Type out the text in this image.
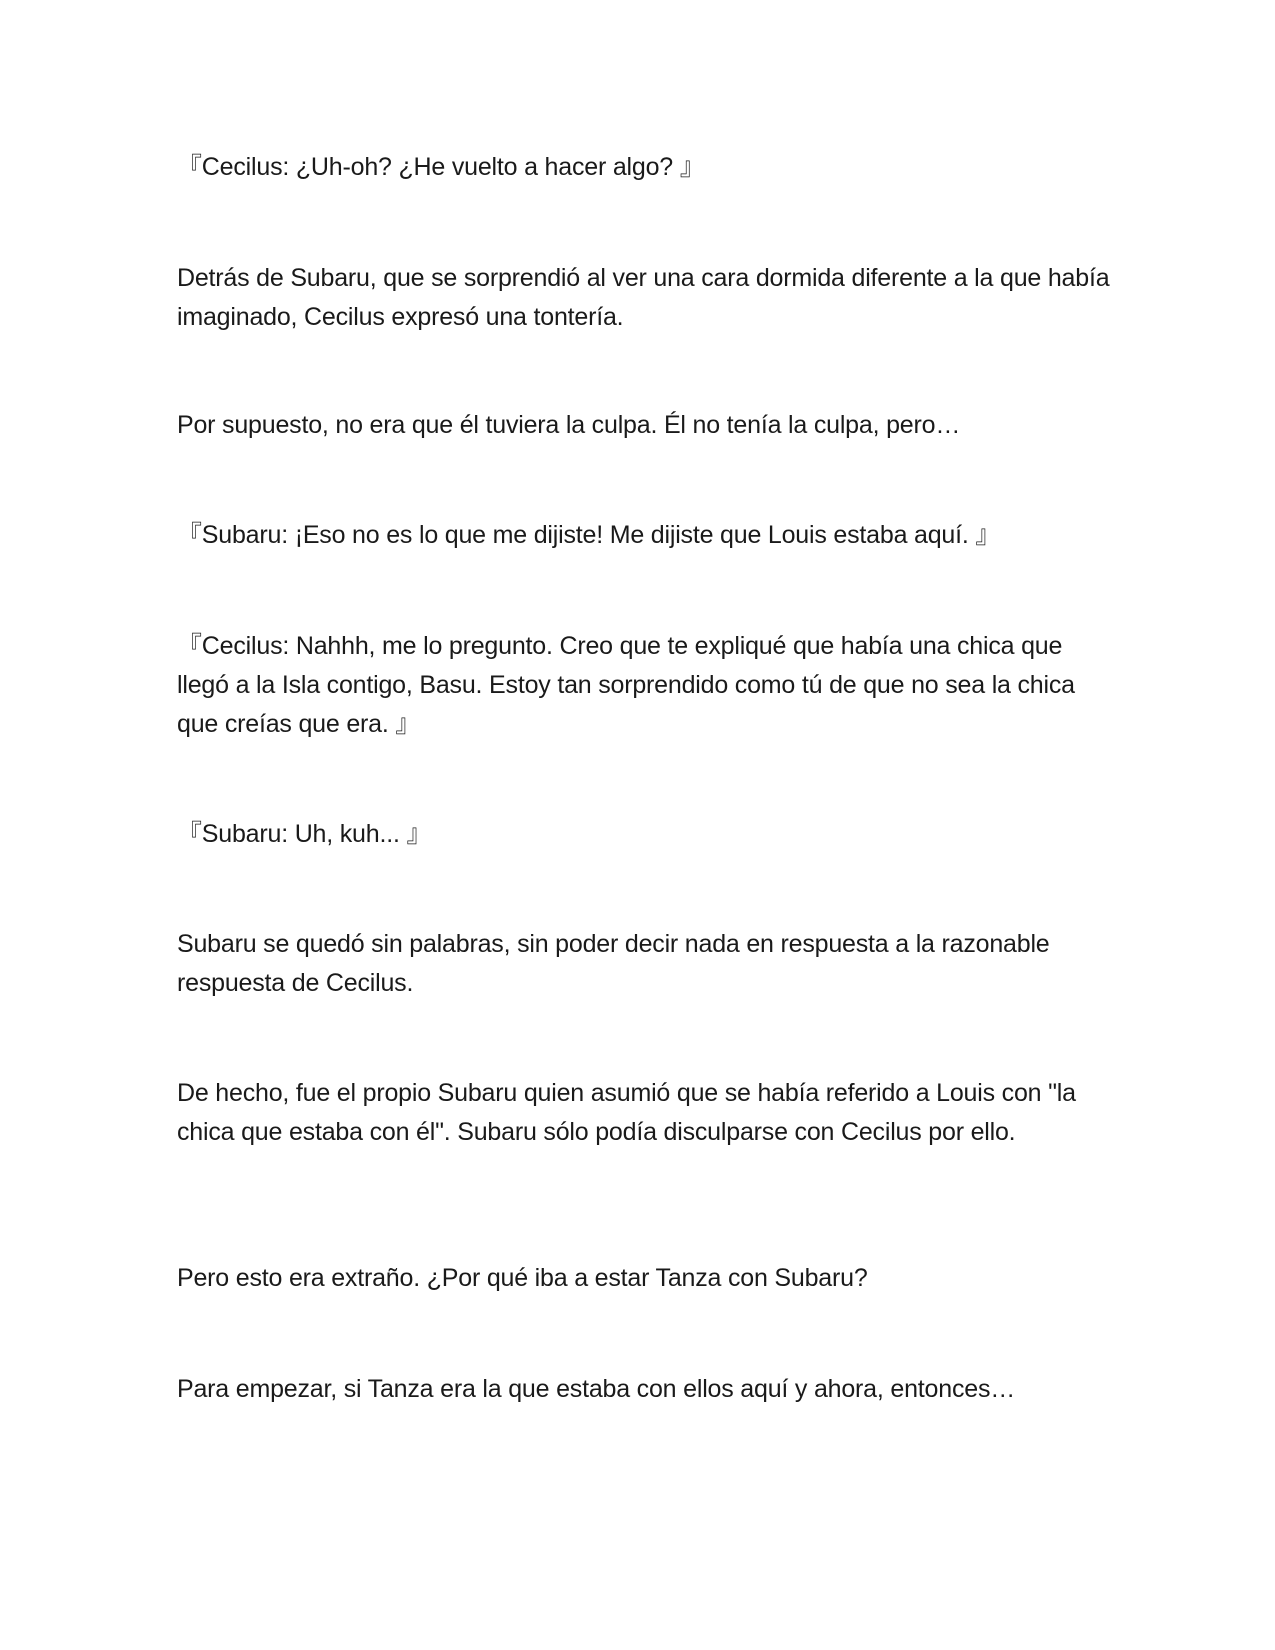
『Cecilus: ¿Uh-oh? ¿He vuelto a hacer algo? 』

Detrás de Subaru, que se sorprendió al ver una cara dormida diferente a la que había imaginado, Cecilus expresó una tontería.

Por supuesto, no era que él tuviera la culpa. Él no tenía la culpa, pero…

『Subaru: ¡Eso no es lo que me dijiste! Me dijiste que Louis estaba aquí. 』

『Cecilus: Nahhh, me lo pregunto. Creo que te expliqué que había una chica que llegó a la Isla contigo, Basu. Estoy tan sorprendido como tú de que no sea la chica que creías que era. 』

『Subaru: Uh, kuh... 』

Subaru se quedó sin palabras, sin poder decir nada en respuesta a la razonable respuesta de Cecilus.

De hecho, fue el propio Subaru quien asumió que se había referido a Louis con "la chica que estaba con él". Subaru sólo podía disculparse con Cecilus por ello.

Pero esto era extraño. ¿Por qué iba a estar Tanza con Subaru?

Para empezar, si Tanza era la que estaba con ellos aquí y ahora, entonces…
